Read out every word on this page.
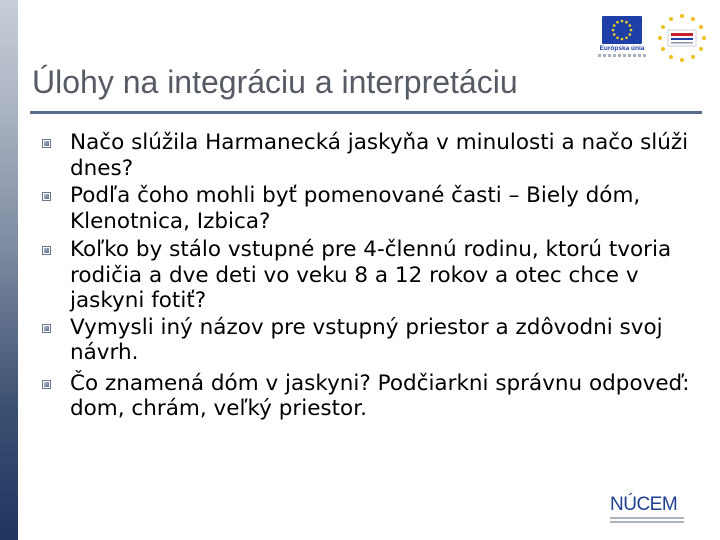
Európska únia
Úlohy na integráciu a interpretáciu
Načo slúžila Harmanecká jaskyňa v minulosti a načo slúži dnes?
Podľa čoho mohli byť pomenované časti – Biely dóm, Klenotnica, Izbica?
Koľko by stálo vstupné pre 4-člennú rodinu, ktorú tvoria rodičia a dve deti vo veku 8 a 12 rokov a otec chce v jaskyni fotiť?
Vymysli iný názov pre vstupný priestor a zdôvodni svoj návrh.
Čo znamená dóm v jaskyni? Podčiarkni správnu odpoveď: dom, chrám, veľký priestor.
NÚCEM
